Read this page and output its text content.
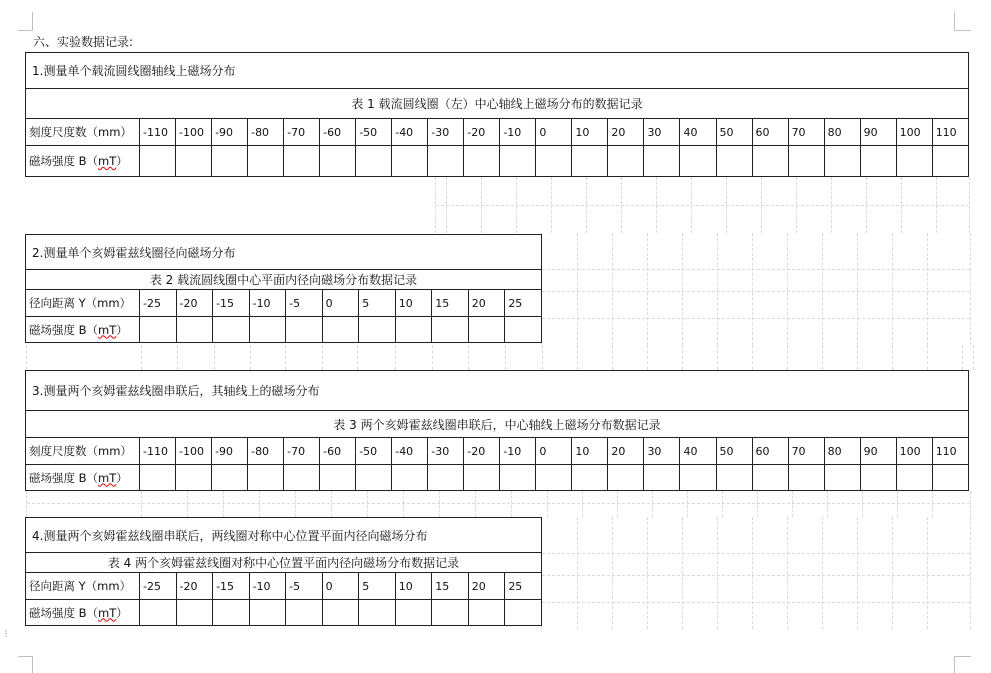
⋮
六、实验数据记录:
1.测量单个载流圆线圈轴线上磁场分布																							
表 1 载流圆线圈（左）中心轴线上磁场分布的数据记录																							
刻度尺度数（mm）	-110	-100	-90	-80	-70	-60	-50	-40	-30	-20	-10	0	10	20	30	40	50	60	70	80	90	100	110
磁场强度 B（mT）																							
2.测量单个亥姆霍兹线圈径向磁场分布											
表 2 载流圆线圈中心平面内径向磁场分布数据记录											
径向距离 Y（mm）	-25	-20	-15	-10	-5	0	5	10	15	20	25
磁场强度 B（mT）											
3.测量两个亥姆霍兹线圈串联后，其轴线上的磁场分布																							
表 3 两个亥姆霍兹线圈串联后，中心轴线上磁场分布数据记录																							
刻度尺度数（mm）	-110	-100	-90	-80	-70	-60	-50	-40	-30	-20	-10	0	10	20	30	40	50	60	70	80	90	100	110
磁场强度 B（mT）																							
4.测量两个亥姆霍兹线圈串联后，两线圈对称中心位置平面内径向磁场分布											
表 4 两个亥姆霍兹线圈对称中心位置平面内径向磁场分布数据记录											
径向距离 Y（mm）	-25	-20	-15	-10	-5	0	5	10	15	20	25
磁场强度 B（mT）											
